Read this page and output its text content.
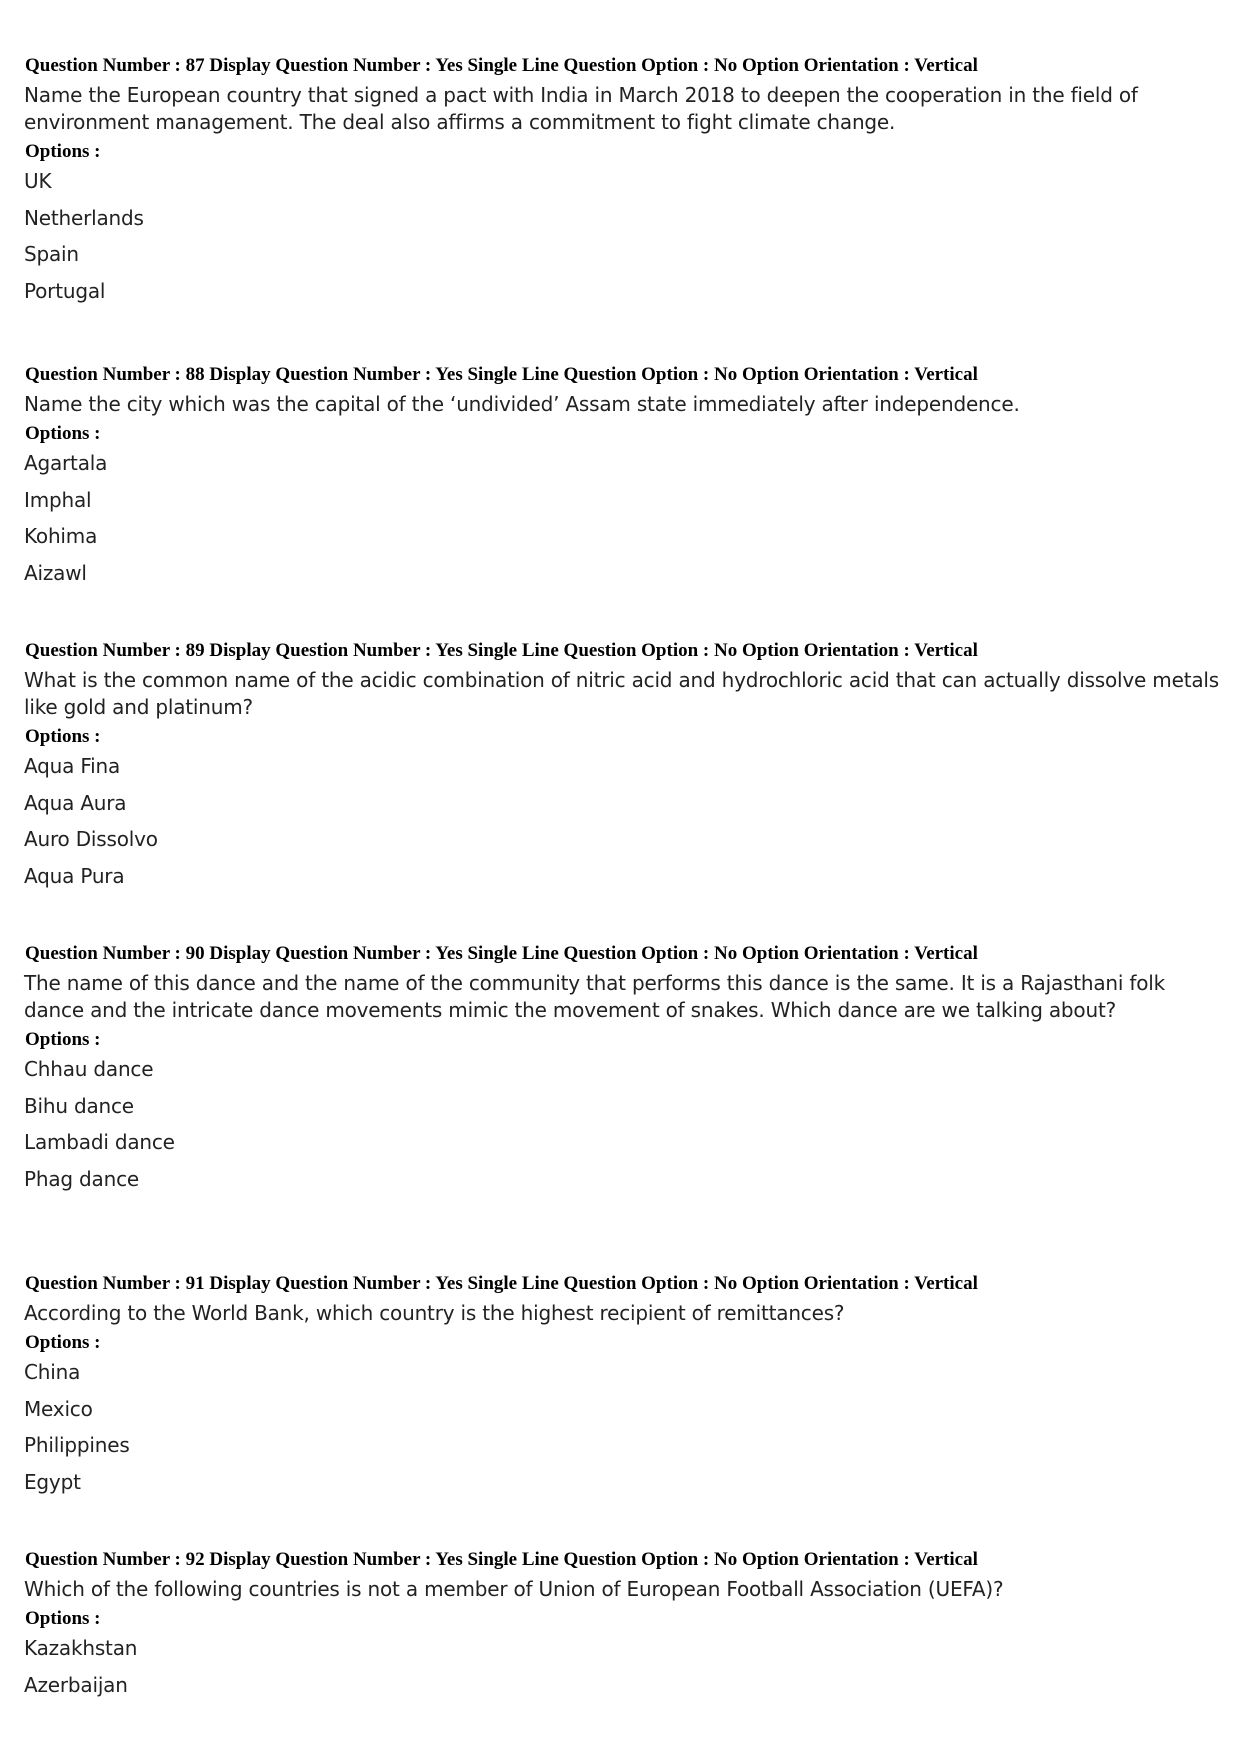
Question Number : 87 Display Question Number : Yes Single Line Question Option : No Option Orientation : Vertical

Name the European country that signed a pact with India in March 2018 to deepen the cooperation in the field of environment management. The deal also affirms a commitment to fight climate change.

Options :
UK
Netherlands
Spain
Portugal
Question Number : 88 Display Question Number : Yes Single Line Question Option : No Option Orientation : Vertical

Name the city which was the capital of the ‘undivided’ Assam state immediately after independence.

Options :
Agartala
Imphal
Kohima
Aizawl
Question Number : 89 Display Question Number : Yes Single Line Question Option : No Option Orientation : Vertical

What is the common name of the acidic combination of nitric acid and hydrochloric acid that can actually dissolve metals like gold and platinum?

Options :
Aqua Fina
Aqua Aura
Auro Dissolvo
Aqua Pura
Question Number : 90 Display Question Number : Yes Single Line Question Option : No Option Orientation : Vertical

The name of this dance and the name of the community that performs this dance is the same. It is a Rajasthani folk dance and the intricate dance movements mimic the movement of snakes. Which dance are we talking about?

Options :
Chhau dance
Bihu dance
Lambadi dance
Phag dance
Question Number : 91 Display Question Number : Yes Single Line Question Option : No Option Orientation : Vertical

According to the World Bank, which country is the highest recipient of remittances?

Options :
China
Mexico
Philippines
Egypt
Question Number : 92 Display Question Number : Yes Single Line Question Option : No Option Orientation : Vertical

Which of the following countries is not a member of Union of European Football Association (UEFA)?

Options :
Kazakhstan
Azerbaijan
